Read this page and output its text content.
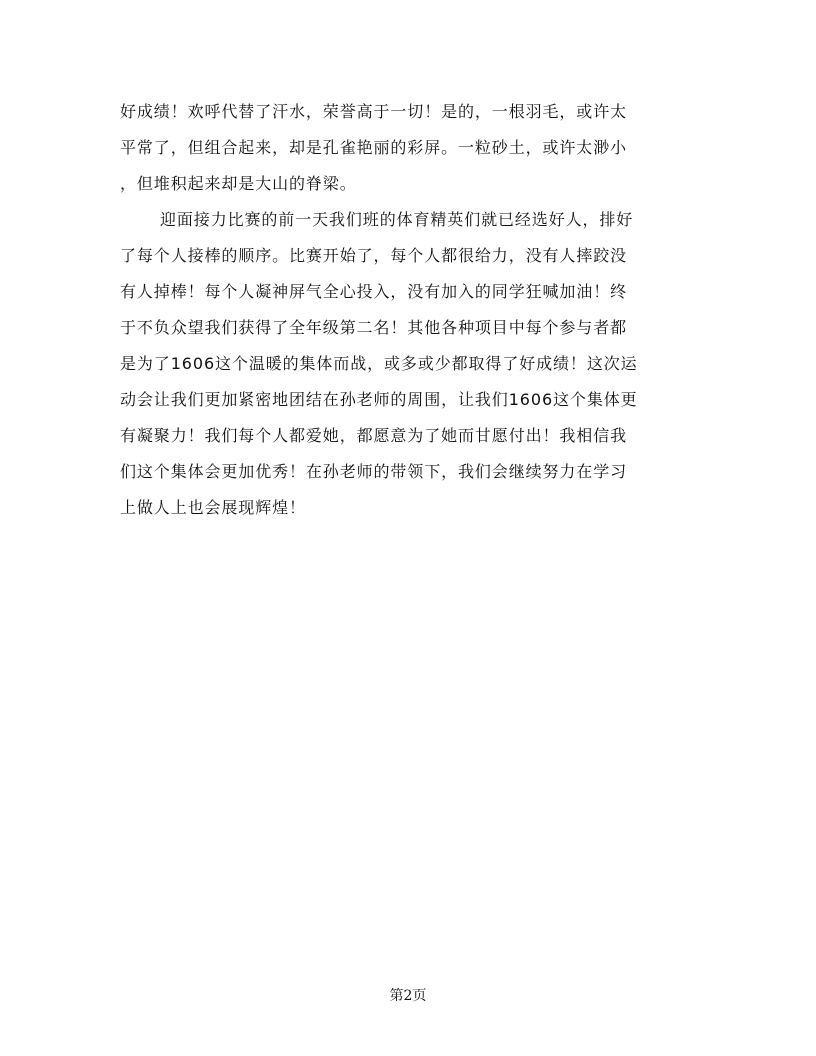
好成绩！欢呼代替了汗水，荣誉高于一切！是的，一根羽毛，或许太
平常了，但组合起来，却是孔雀艳丽的彩屏。一粒砂土，或许太渺小
，但堆积起来却是大山的脊梁。
迎面接力比赛的前一天我们班的体育精英们就已经选好人，排好
了每个人接棒的顺序。比赛开始了，每个人都很给力，没有人摔跤没
有人掉棒！每个人凝神屏气全心投入，没有加入的同学狂喊加油！终
于不负众望我们获得了全年级第二名！其他各种项目中每个参与者都
是为了1606这个温暖的集体而战，或多或少都取得了好成绩！这次运
动会让我们更加紧密地团结在孙老师的周围，让我们1606这个集体更
有凝聚力！我们每个人都爱她，都愿意为了她而甘愿付出！我相信我
们这个集体会更加优秀！在孙老师的带领下，我们会继续努力在学习
上做人上也会展现辉煌！
第2页
